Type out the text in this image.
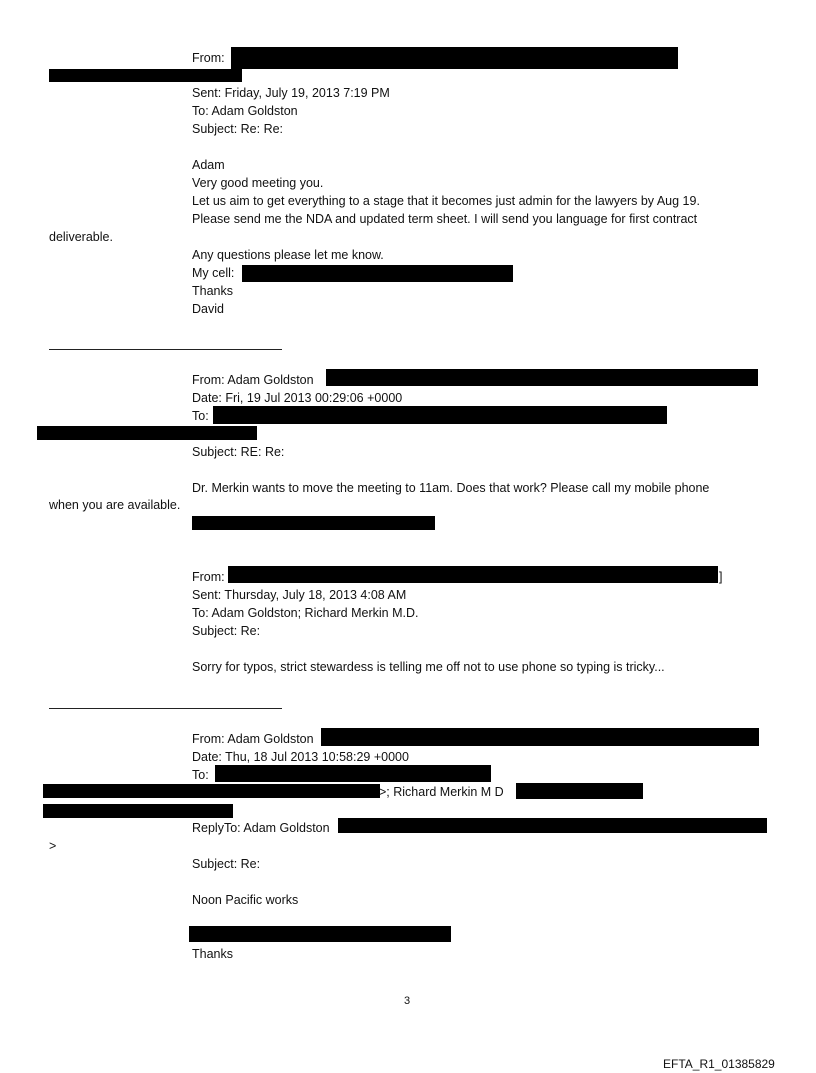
From:
Sent: Friday, July 19, 2013 7:19 PM
To: Adam Goldston
Subject: Re: Re:
Adam
Very good meeting you.
Let us aim to get everything to a stage that it becomes just admin for the lawyers by Aug 19.
Please send me the NDA and updated term sheet. I will send you language for first contract
deliverable.
Any questions please let me know.
My cell:
Thanks
David
From: Adam Goldston
Date: Fri, 19 Jul 2013 00:29:06 +0000
To:
Subject: RE: Re:
Dr. Merkin wants to move the meeting to 11am. Does that work? Please call my mobile phone
when you are available.
From:	]
Sent: Thursday, July 18, 2013 4:08 AM
To: Adam Goldston; Richard Merkin M.D.
Subject: Re:
Sorry for typos, strict stewardess is telling me off not to use phone so typing is tricky...
From: Adam Goldston
Date: Thu, 18 Jul 2013 10:58:29 +0000
To:
>; Richard Merkin M D
ReplyTo: Adam Goldston
>
Subject: Re:
Noon Pacific works
Thanks
3
EFTA_R1_01385829
